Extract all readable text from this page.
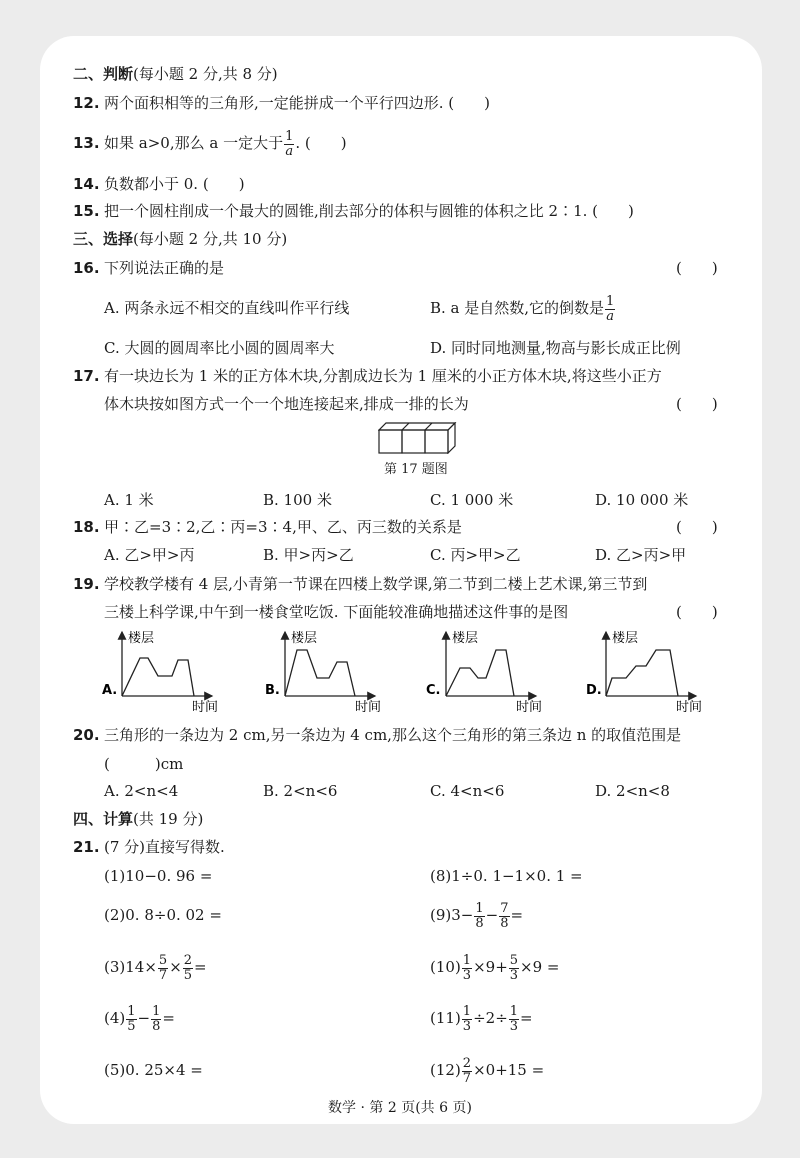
二、判断(每小题 2 分,共 8 分)
12. 两个面积相等的三角形,一定能拼成一个平行四边形. (　　)
13. 如果 a>0,那么 a 一定大于 $\frac{1}{a}$ . (　　)
14. 负数都小于 0. (　　)
15. 把一个圆柱削成一个最大的圆锥,削去部分的体积与圆锥的体积之比 2∶1. (　　)
三、选择(每小题 2 分,共 10 分)
16. 下列说法正确的是	(　　)
A. 两条永远不相交的直线叫作平行线	B. a 是自然数,它的倒数是 $\frac{1}{a}$
C. 大圆的圆周率比小圆的圆周率大	D. 同时同地测量,物高与影长成正比例
17. 有一块边长为 1 米的正方体木块,分割成边长为 1 厘米的小正方体木块,将这些小正方
体木块按如图方式一个一个地连接起来,排成一排的长为	(　　)
第 17 题图
A. 1 米	B. 100 米	C. 1 000 米	D. 10 000 米
18. 甲∶乙=3∶2,乙∶丙=3∶4,甲、乙、丙三数的关系是	(　　)
A. 乙>甲>丙	B. 甲>丙>乙	C. 丙>甲>乙	D. 乙>丙>甲
19. 学校教学楼有 4 层,小青第一节课在四楼上数学课,第二节到二楼上艺术课,第三节到
三楼上科学课,中午到一楼食堂吃饭. 下面能较准确地描述这件事的是图	(　　)
楼层
时间
A.
楼层
时间
B.
楼层
时间
C.
楼层
时间
D.
20. 三角形的一条边为 2 cm,另一条边为 4 cm,那么这个三角形的第三条边 n 的取值范围是
(　　　)cm
A. 2<n<4	B. 2<n<6	C. 4<n<6	D. 2<n<8
四、计算(共 19 分)
21. (7 分)直接写得数.
(1)10−0. 96 =	(8)1÷0. 1−1×0. 1 =
(2)0. 8÷0. 02 =	$(9)3- \frac{1}{8} - \frac{7}{8}$ =
$(3)14\times \frac{5}{7} \times \frac{2}{5}$ =	$(10) \frac{1}{3} \times 9+ \frac{5}{3} \times 9$ =
$(4) \frac{1}{5} - \frac{1}{8}$ =	$(11) \frac{1}{3} \div 2\div \frac{1}{3}$ =
(5)0. 25×4 =	$(12) \frac{2}{7} \times 0+15$ =
数学 · 第 2 页(共 6 页)
